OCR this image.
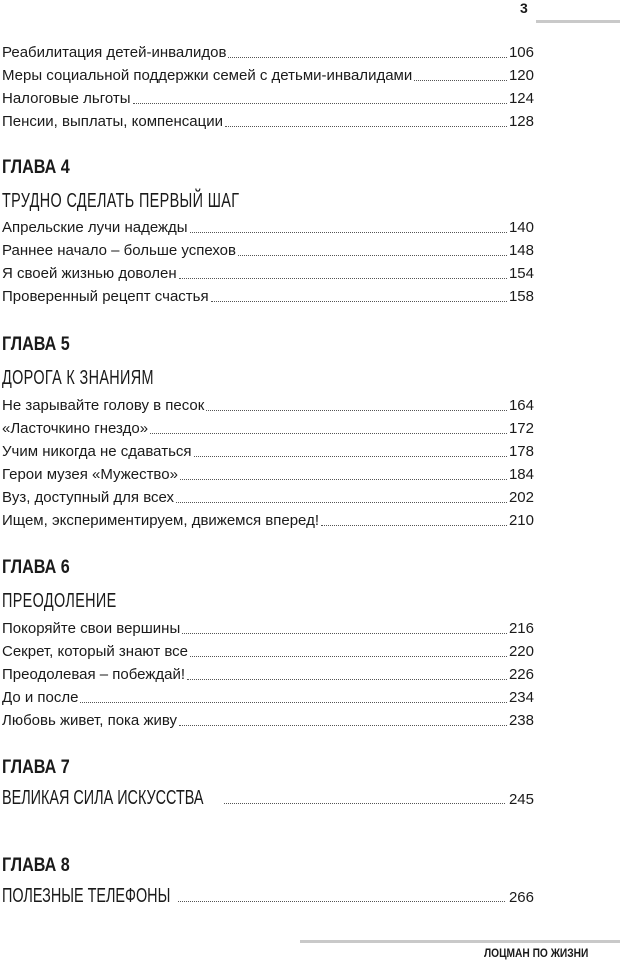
3
Реабилитация детей-инвалидов	106
Меры социальной поддержки семей с детьми-инвалидами	120
Налоговые льготы	124
Пенсии, выплаты, компенсации	128
ГЛАВА 4
ТРУДНО СДЕЛАТЬ ПЕРВЫЙ ШАГ
Апрельские лучи надежды	140
Раннее начало – больше успехов	148
Я своей жизнью доволен	154
Проверенный рецепт счастья	158
ГЛАВА 5
ДОРОГА К ЗНАНИЯМ
Не зарывайте голову в песок	164
«Ласточкино гнездо»	172
Учим никогда не сдаваться	178
Герои музея «Мужество»	184
Вуз, доступный для всех	202
Ищем, экспериментируем, движемся вперед!	210
ГЛАВА 6
ПРЕОДОЛЕНИЕ
Покоряйте свои вершины	216
Секрет, который знают все	220
Преодолевая – побеждай!	226
До и после	234
Любовь живет, пока живу	238
ГЛАВА 7
ВЕЛИКАЯ СИЛА ИСКУССТВА	245
ГЛАВА 8
ПОЛЕЗНЫЕ ТЕЛЕФОНЫ	266
ЛОЦМАН ПО ЖИЗНИ
